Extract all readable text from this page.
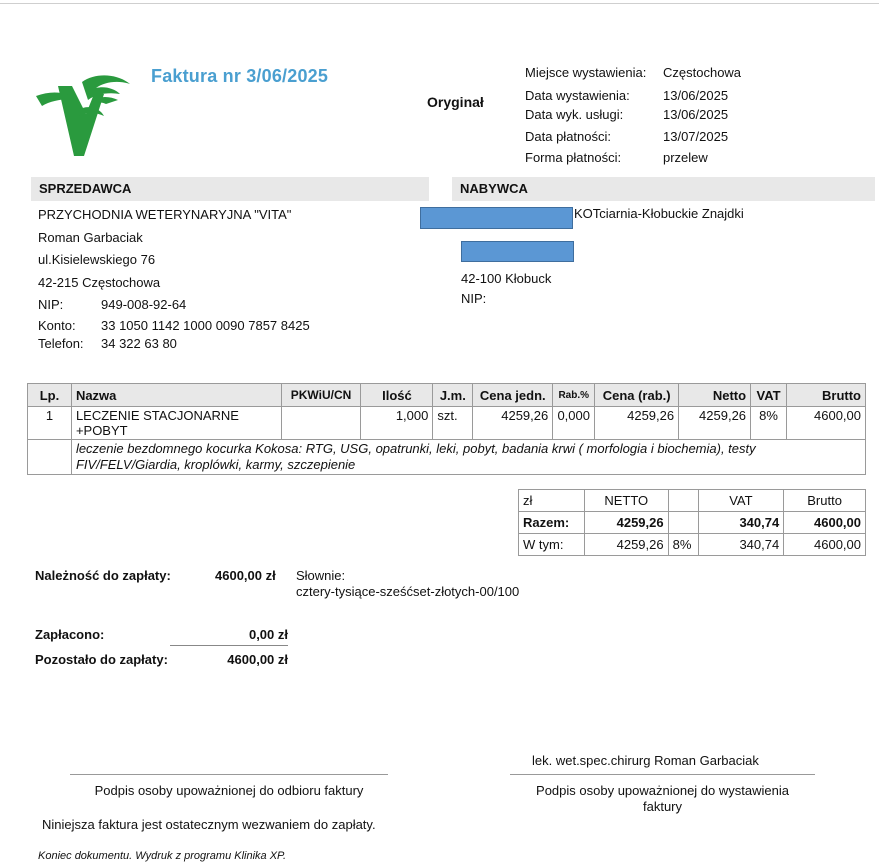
Faktura nr 3/06/2025
Oryginał
Miejsce wystawienia: Częstochowa
Data wystawienia:	13/06/2025
Data wyk. usługi:	13/06/2025
Data płatności:	13/07/2025
Forma płatności:	przelew
SPRZEDAWCA	NABYWCA
PRZYCHODNIA WETERYNARYJNA "VITA"
Roman Garbaciak
ul.Kisielewskiego 76
42-215 Częstochowa
NIP:	949-008-92-64
Konto: 33 1050 1142 1000 0090 7857 8425
Telefon: 34 322 63 80
KOTciarnia-Kłobuckie Znajdki
42-100 Kłobuck
NIP:
Lp.	Nazwa	PKWiU/CN	Ilość	J.m.	Cena jedn.	Rab.%	Cena (rab.)	Netto	VAT	Brutto
1	LECZENIE STACJONARNE
+POBYT		1,000	szt.	4259,26	0,000	4259,26	4259,26	8%	4600,00
	leczenie bezdomnego kocurka Kokosa: RTG, USG, opatrunki, leki, pobyt, badania krwi ( morfologia i biochemia), testy FIV/FELV/Giardia, kroplówki, karmy, szczepienie									
zł	NETTO		VAT	Brutto
Razem:	4259,26		340,74	4600,00
W tym:	4259,26	8%	340,74	4600,00
Należność do zapłaty:	4600,00 zł Słownie:
cztery-tysiące-sześćset-złotych-00/100
Zapłacono:	0,00 zł
Pozostało do zapłaty:	4600,00 zł
lek. wet.spec.chirurg Roman Garbaciak
Podpis osoby upoważnionej do odbioru faktury	Podpis osoby upoważnionej do wystawienia
faktury
Niniejsza faktura jest ostatecznym wezwaniem do zapłaty.
Koniec dokumentu. Wydruk z programu Klinika XP.
